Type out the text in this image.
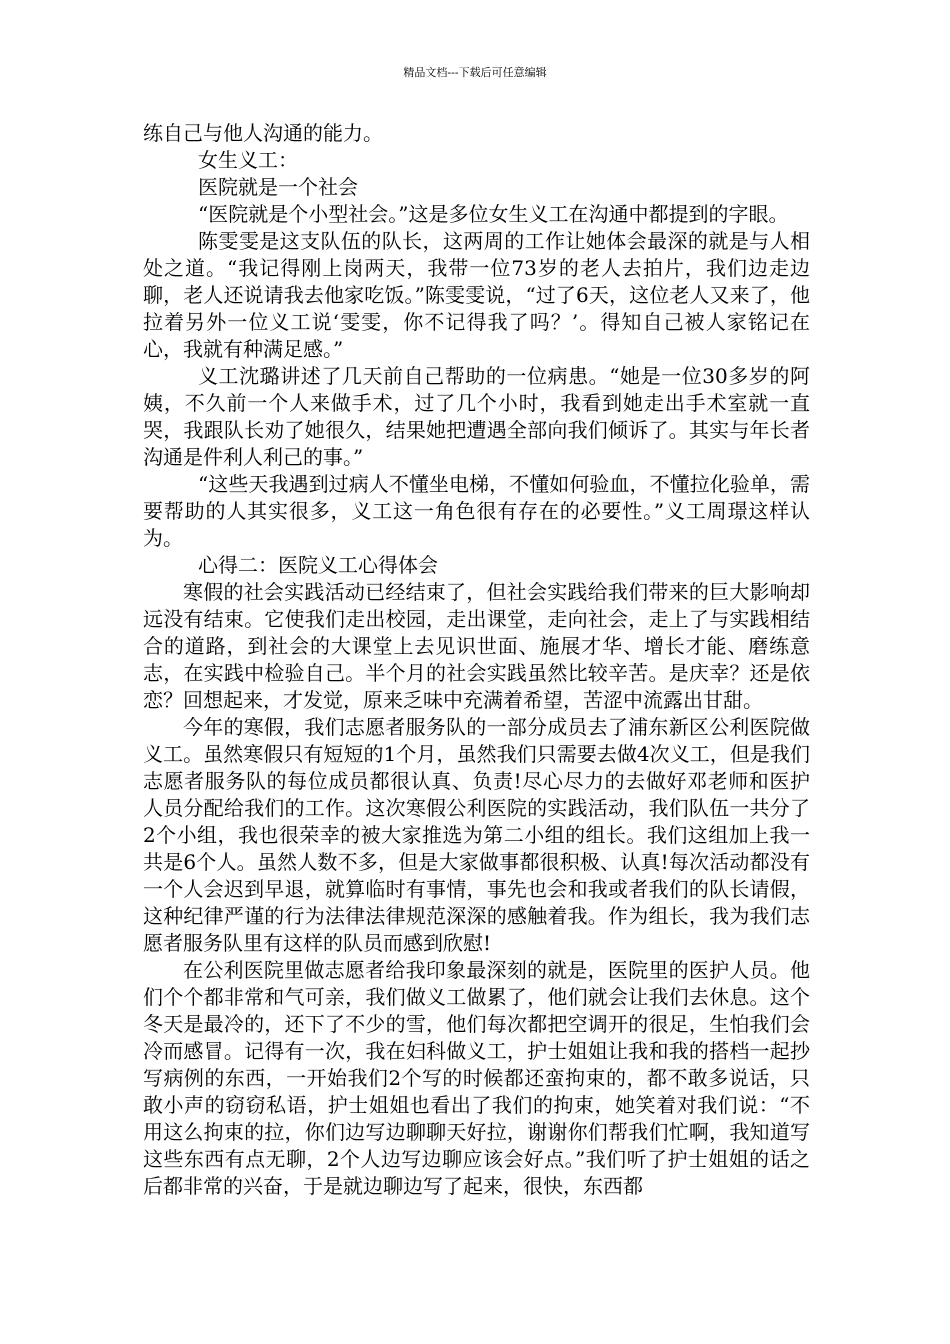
精品文档---下载后可任意编辑

练自己与他人沟通的能力。

女生义工：

医院就是一个社会

“医院就是个小型社会。”这是多位女生义工在沟通中都提到的字眼。

陈雯雯是这支队伍的队长，这两周的工作让她体会最深的就是与人相处之道。“我记得刚上岗两天，我带一位73岁的老人去拍片，我们边走边聊，老人还说请我去他家吃饭。”陈雯雯说，“过了6天，这位老人又来了，他拉着另外一位义工说‘雯雯，你不记得我了吗？’。得知自己被人家铭记在心，我就有种满足感。”

义工沈璐讲述了几天前自己帮助的一位病患。“她是一位30多岁的阿姨，不久前一个人来做手术，过了几个小时，我看到她走出手术室就一直哭，我跟队长劝了她很久，结果她把遭遇全部向我们倾诉了。其实与年长者沟通是件利人利己的事。”

“这些天我遇到过病人不懂坐电梯，不懂如何验血，不懂拉化验单，需要帮助的人其实很多，义工这一角色很有存在的必要性。”义工周璟这样认为。

心得二：医院义工心得体会

寒假的社会实践活动已经结束了，但社会实践给我们带来的巨大影响却远没有结束。它使我们走出校园，走出课堂，走向社会，走上了与实践相结合的道路，到社会的大课堂上去见识世面、施展才华、增长才能、磨练意志，在实践中检验自己。半个月的社会实践虽然比较辛苦。是庆幸？还是依恋？回想起来，才发觉，原来乏味中充满着希望，苦涩中流露出甘甜。

今年的寒假，我们志愿者服务队的一部分成员去了浦东新区公利医院做义工。虽然寒假只有短短的1个月，虽然我们只需要去做4次义工，但是我们志愿者服务队的每位成员都很认真、负责!尽心尽力的去做好邓老师和医护人员分配给我们的工作。这次寒假公利医院的实践活动，我们队伍一共分了2个小组，我也很荣幸的被大家推选为第二小组的组长。我们这组加上我一共是6个人。虽然人数不多，但是大家做事都很积极、认真!每次活动都没有一个人会迟到早退，就算临时有事情，事先也会和我或者我们的队长请假，这种纪律严谨的行为法律法律规范深深的感触着我。作为组长，我为我们志愿者服务队里有这样的队员而感到欣慰!

在公利医院里做志愿者给我印象最深刻的就是，医院里的医护人员。他们个个都非常和气可亲，我们做义工做累了，他们就会让我们去休息。这个冬天是最冷的，还下了不少的雪，他们每次都把空调开的很足，生怕我们会冷而感冒。记得有一次，我在妇科做义工，护士姐姐让我和我的搭档一起抄写病例的东西，一开始我们2个写的时候都还蛮拘束的，都不敢多说话，只敢小声的窃窃私语，护士姐姐也看出了我们的拘束，她笑着对我们说：“不用这么拘束的拉，你们边写边聊聊天好拉，谢谢你们帮我们忙啊，我知道写这些东西有点无聊，2个人边写边聊应该会好点。”我们听了护士姐姐的话之后都非常的兴奋，于是就边聊边写了起来，很快，东西都
